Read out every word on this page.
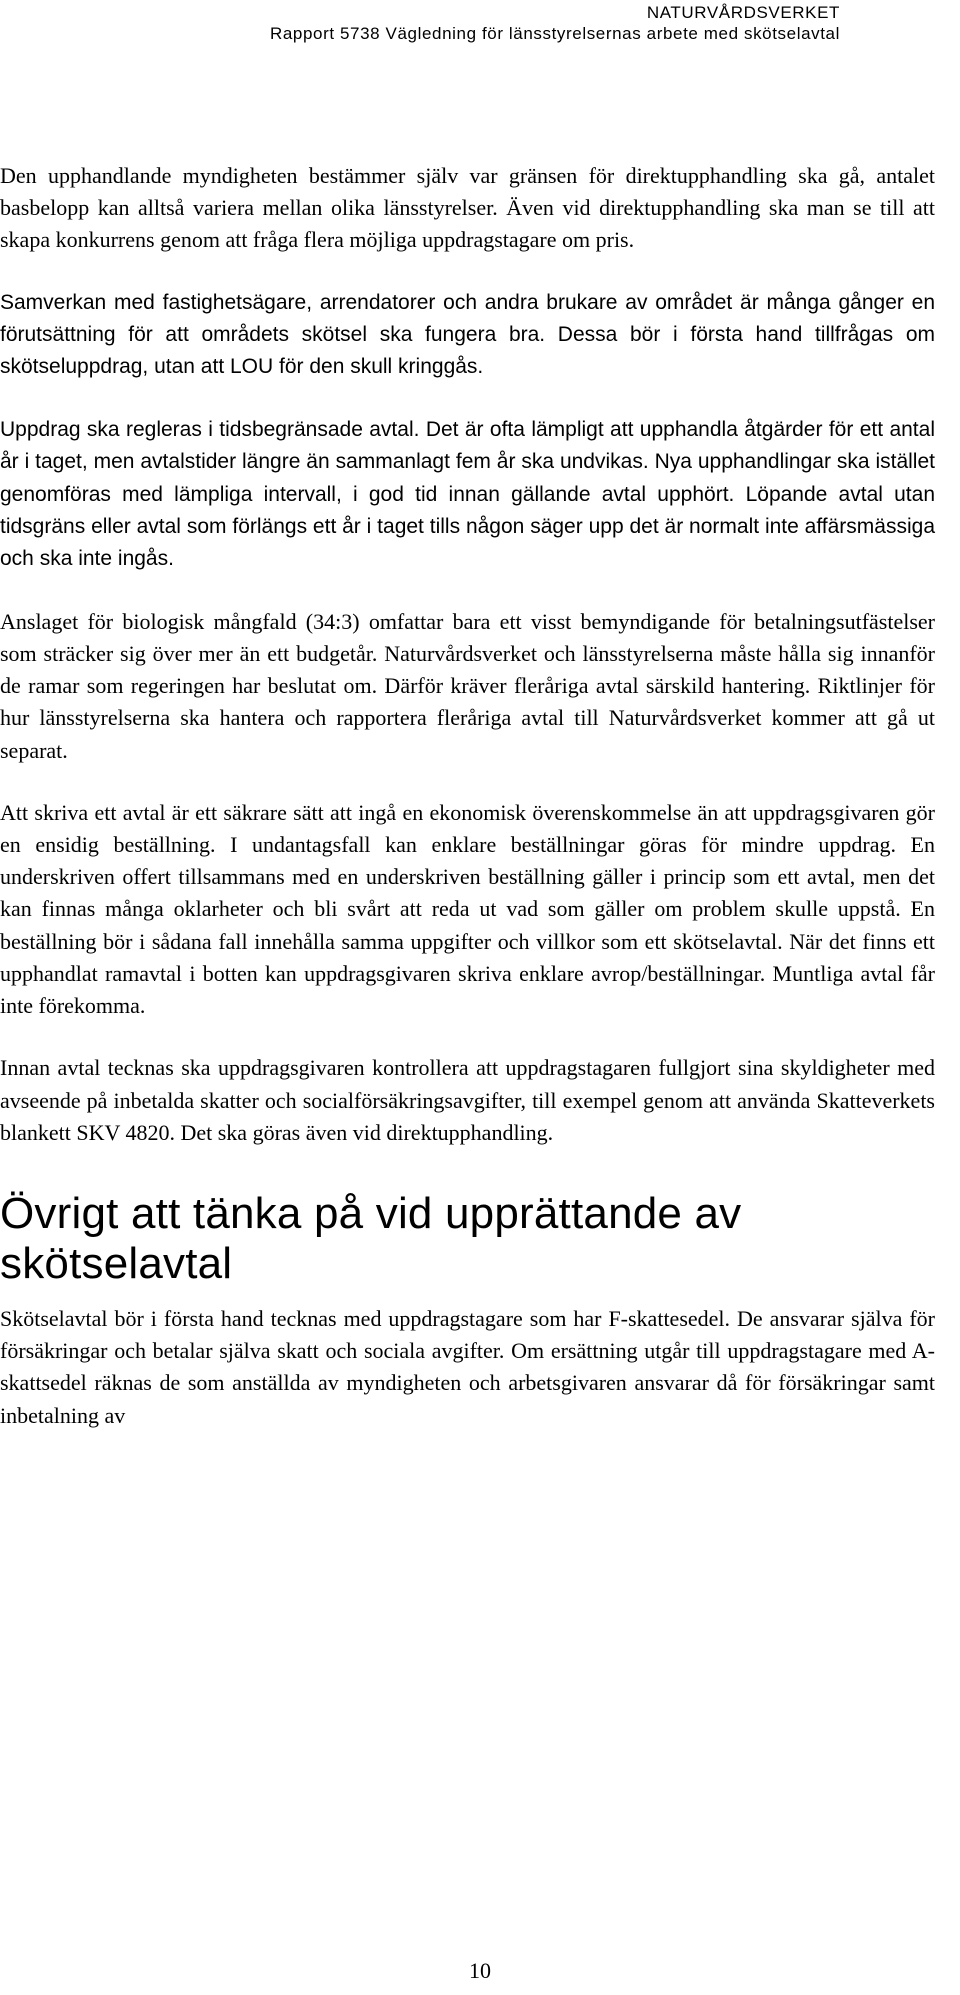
NATURVÅRDSVERKET
Rapport 5738 Vägledning för länsstyrelsernas arbete med skötselavtal

Den upphandlande myndigheten bestämmer själv var gränsen för direktupphandling ska gå, antalet basbelopp kan alltså variera mellan olika länsstyrelser. Även vid direktupphandling ska man se till att skapa konkurrens genom att fråga flera möjliga uppdragstagare om pris.

Samverkan med fastighetsägare, arrendatorer och andra brukare av området är många gånger en förutsättning för att områdets skötsel ska fungera bra. Dessa bör i första hand tillfrågas om skötseluppdrag, utan att LOU för den skull kringgås.

Uppdrag ska regleras i tidsbegränsade avtal. Det är ofta lämpligt att upphandla åtgärder för ett antal år i taget, men avtalstider längre än sammanlagt fem år ska undvikas. Nya upphandlingar ska istället genomföras med lämpliga intervall, i god tid innan gällande avtal upphört. Löpande avtal utan tidsgräns eller avtal som förlängs ett år i taget tills någon säger upp det är normalt inte affärsmässiga och ska inte ingås.

Anslaget för biologisk mångfald (34:3) omfattar bara ett visst bemyndigande för betalningsutfästelser som sträcker sig över mer än ett budgetår. Naturvårdsverket och länsstyrelserna måste hålla sig innanför de ramar som regeringen har beslutat om. Därför kräver fleråriga avtal särskild hantering. Riktlinjer för hur länsstyrelserna ska hantera och rapportera fleråriga avtal till Naturvårdsverket kommer att gå ut separat.

Att skriva ett avtal är ett säkrare sätt att ingå en ekonomisk överenskommelse än att uppdragsgivaren gör en ensidig beställning. I undantagsfall kan enklare beställningar göras för mindre uppdrag. En underskriven offert tillsammans med en underskriven beställning gäller i princip som ett avtal, men det kan finnas många oklarheter och bli svårt att reda ut vad som gäller om problem skulle uppstå. En beställning bör i sådana fall innehålla samma uppgifter och villkor som ett skötselavtal. När det finns ett upphandlat ramavtal i botten kan uppdragsgivaren skriva enklare avrop/beställningar. Muntliga avtal får inte förekomma.

Innan avtal tecknas ska uppdragsgivaren kontrollera att uppdragstagaren fullgjort sina skyldigheter med avseende på inbetalda skatter och socialförsäkringsavgifter, till exempel genom att använda Skatteverkets blankett SKV 4820. Det ska göras även vid direktupphandling.

Övrigt att tänka på vid upprättande av skötselavtal

Skötselavtal bör i första hand tecknas med uppdragstagare som har F-skattesedel. De ansvarar själva för försäkringar och betalar själva skatt och sociala avgifter. Om ersättning utgår till uppdragstagare med A-skattsedel räknas de som anställda av myndigheten och arbetsgivaren ansvarar då för försäkringar samt inbetalning av

10
